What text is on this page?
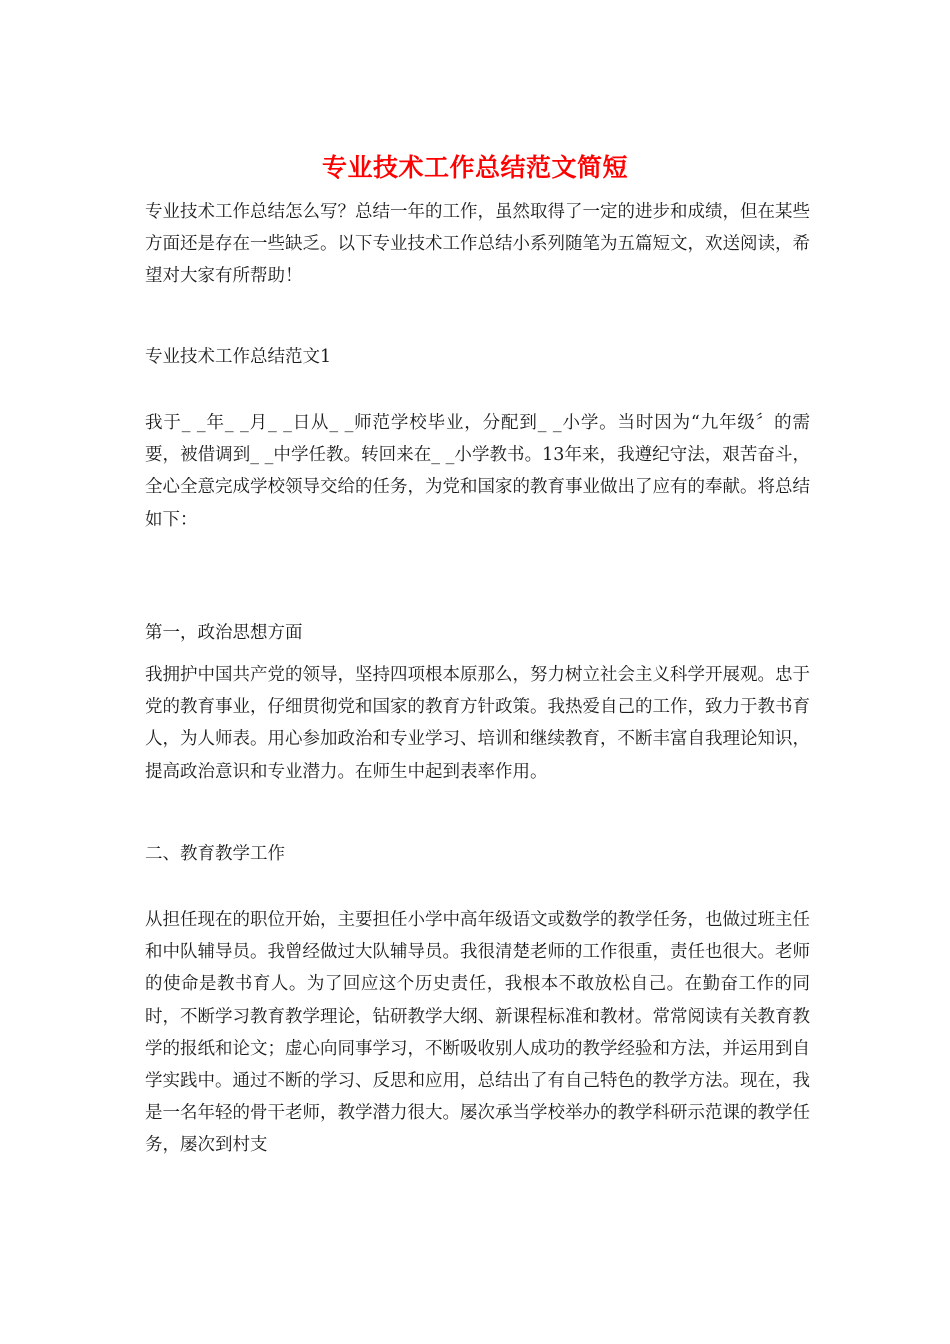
专业技术工作总结范文简短

专业技术工作总结怎么写？总结一年的工作，虽然取得了一定的进步和成绩，但在某些方面还是存在一些缺乏。以下专业技术工作总结小系列随笔为五篇短文，欢送阅读，希望对大家有所帮助！

专业技术工作总结范文1

我于_ _年_ _月_ _日从_ _师范学校毕业，分配到_ _小学。当时因为“九年级〞的需要，被借调到_ _中学任教。转回来在_ _小学教书。13年来，我遵纪守法，艰苦奋斗，全心全意完成学校领导交给的任务，为党和国家的教育事业做出了应有的奉献。将总结如下：

第一，政治思想方面

我拥护中国共产党的领导，坚持四项根本原那么，努力树立社会主义科学开展观。忠于党的教育事业，仔细贯彻党和国家的教育方针政策。我热爱自己的工作，致力于教书育人，为人师表。用心参加政治和专业学习、培训和继续教育，不断丰富自我理论知识，提高政治意识和专业潜力。在师生中起到表率作用。

二、教育教学工作

从担任现在的职位开始，主要担任小学中高年级语文或数学的教学任务，也做过班主任和中队辅导员。我曾经做过大队辅导员。我很清楚老师的工作很重，责任也很大。老师的使命是教书育人。为了回应这个历史责任，我根本不敢放松自己。在勤奋工作的同时，不断学习教育教学理论，钻研教学大纲、新课程标准和教材。常常阅读有关教育教学的报纸和论文；虚心向同事学习，不断吸收别人成功的教学经验和方法，并运用到自学实践中。通过不断的学习、反思和应用，总结出了有自己特色的教学方法。现在，我是一名年轻的骨干老师，教学潜力很大。屡次承当学校举办的教学科研示范课的教学任务，屡次到村支
